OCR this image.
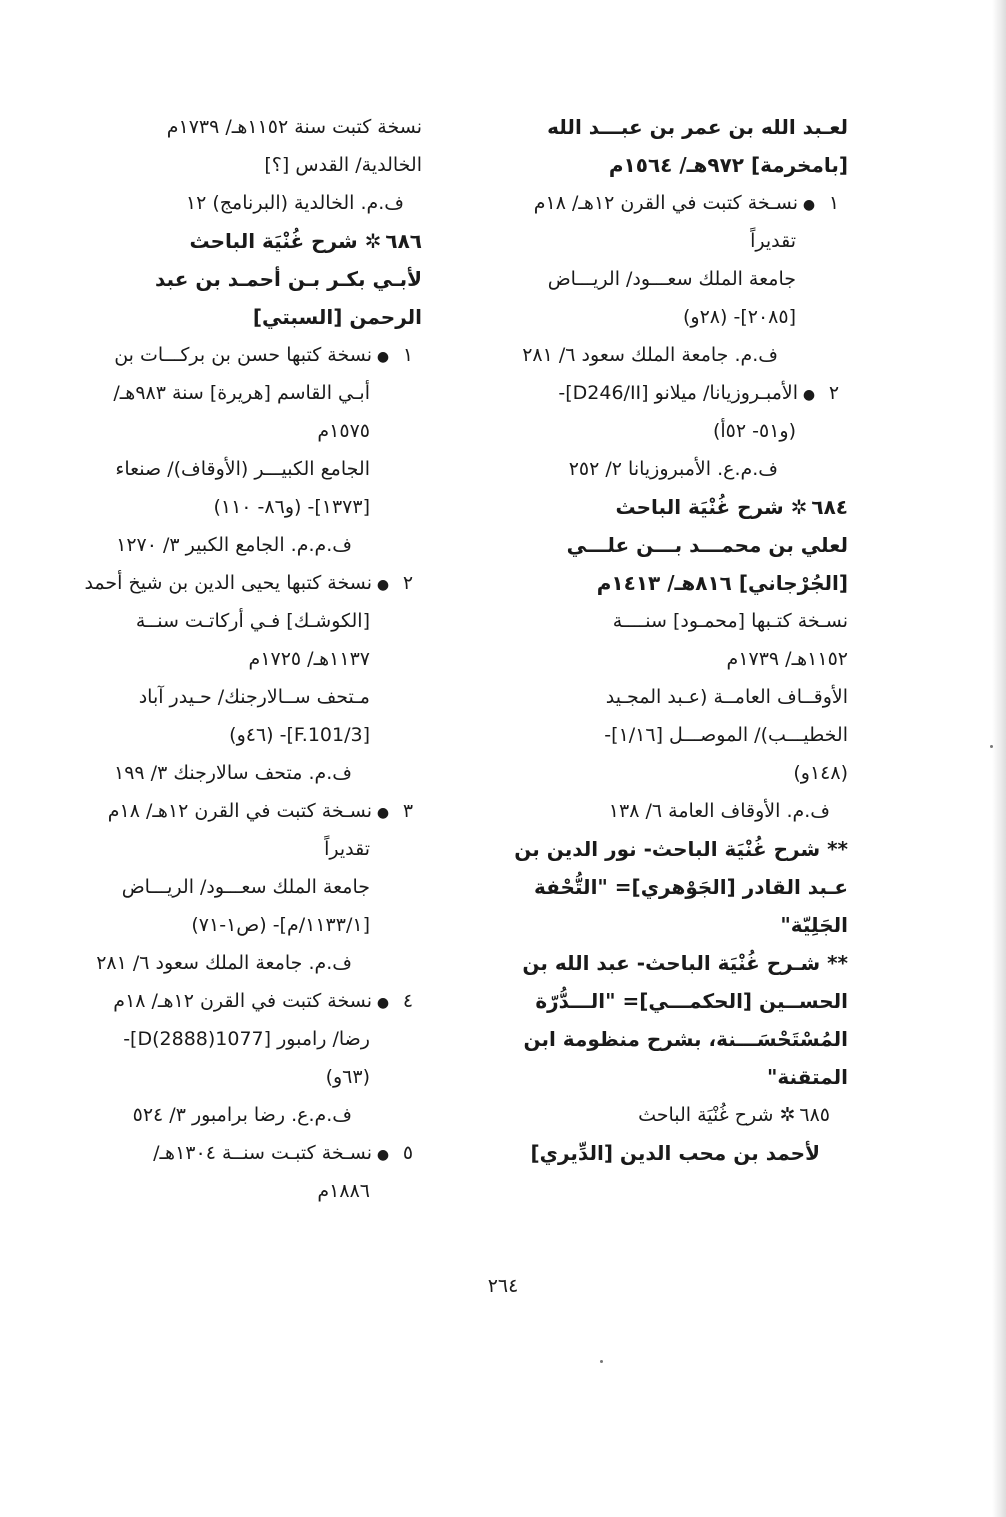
لعـبد الله بن عمر بن عبـــد الله
[بامخرمة] ٩٧٢هـ/ ١٥٦٤م
١●نسـخة كتبت في القرن ١٢هـ/ ١٨م
تقديراً
جامعة الملك سعـــود/ الريـــاض
[٢٠٨٥]- (٢٨و)
ف.م. جامعة الملك سعود ٦/ ٢٨١
٢●الأمبـروزيانا/ ميلانو [D246/II]-
(و٥١- ٥٢أ)
ف.م.ع. الأمبروزيانا ٢/ ٢٥٢
٦٨٤✲ شرح غُنْيَة الباحث
لعلي بن محمـــد بـــن علـــي
[الجُرْجاني] ٨١٦هـ/ ١٤١٣م
نسـخة كتـبها [محمـود] سنــــة
١١٥٢هـ/ ١٧٣٩م
الأوقــاف العامــة (عـبد المجـيد
الخطيـــب)/ الموصـــل [١/١٦]-
(١٤٨و)
ف.م. الأوقاف العامة ٦/ ١٣٨
** شرح غُنْيَة الباحث- نور الدين بن
عـبد القادر [الجَوْهري]= "التُّحْفة
الجَلِيّة"
** شـرح غُنْيَة الباحث- عبد الله بن
الحســين [الحكمـــي]= "الـــدُّرّة
المُسْتَحْسَـــنة، بشرح منظومة ابن
المتقنة"
٦٨٥✲ شرح غُنْيَة الباحث
لأحمد بن محب الدين [الدِّيري]
نسخة كتبت سنة ١١٥٢هـ/ ١٧٣٩م
الخالدية/ القدس [؟]
ف.م. الخالدية (البرنامج) ١٢
٦٨٦✲ شرح غُنْيَة الباحث
لأبـي بكـر بـن أحمـد بن عبد
الرحمن [السبتي]
١●نسخة كتبها حسن بن بركـــات بن
أبـي القاسم [هريرة] سنة ٩٨٣هـ/
١٥٧٥م
الجامع الكبيـــر (الأوقاف)/ صنعاء
[١٣٧٣]- (و٨٦- ١١٠)
ف.م.م. الجامع الكبير ٣/ ١٢٧٠
٢●نسخة كتبها يحيى الدين بن شيخ أحمد
[الكوشـك] فـي أركاتـت سنــة
١١٣٧هـ/ ١٧٢٥م
مـتحف ســالارجنك/ حـيدر آباد
[F.101/3]- (٤٦و)
ف.م. متحف سالارجنك ٣/ ١٩٩
٣●نسـخة كتبت في القرن ١٢هـ/ ١٨م
تقديراً
جامعة الملك سعـــود/ الريـــاض
[١١٣٣/١/م]- (ص١-٧١)
ف.م. جامعة الملك سعود ٦/ ٢٨١
٤●نسخة كتبت في القرن ١٢هـ/ ١٨م
رضا/ رامبور [D(2888)1077]-
(٦٣و)
ف.م.ع. رضا برامبور ٣/ ٥٢٤
٥●نسـخة كتبـت سنــة ١٣٠٤هـ/
١٨٨٦م
٢٦٤
